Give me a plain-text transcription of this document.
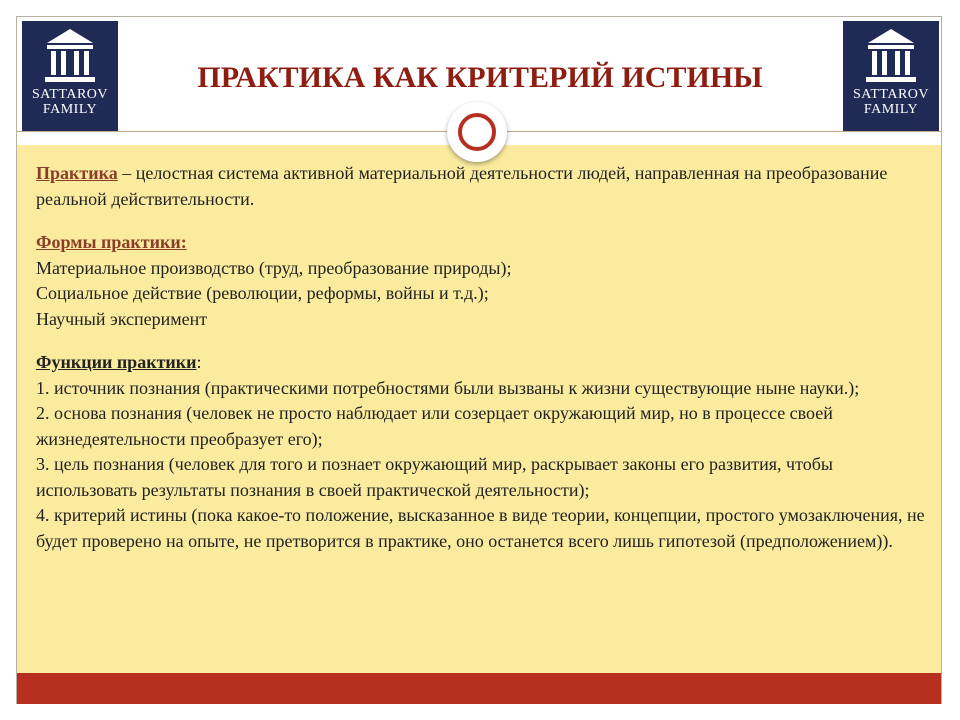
SATTAROV
FAMILY
SATTAROV
FAMILY
ПРАКТИКА КАК КРИТЕРИЙ ИСТИНЫ

Практика – целостная система активной материальной деятельности людей, направленная на преобразование реальной действительности.

Формы практики:

Материальное производство (труд, преобразование природы);

Социальное действие (революции, реформы, войны и т.д.);

Научный эксперимент

Функции практики:

1. источник познания (практическими потребностями были вызваны к жизни существующие ныне науки.);

2. основа познания (человек не просто наблюдает или созерцает окружающий мир, но в процессе своей жизнедеятельности преобразует его);

3. цель познания (человек для того и познает окружающий мир, раскрывает законы его развития, чтобы использовать результаты познания в своей практической деятельности);

4. критерий истины (пока какое-то положение, высказанное в виде теории, концепции, простого умозаключения, не будет проверено на опыте, не претворится в практике, оно останется всего лишь гипотезой (предположением)).
